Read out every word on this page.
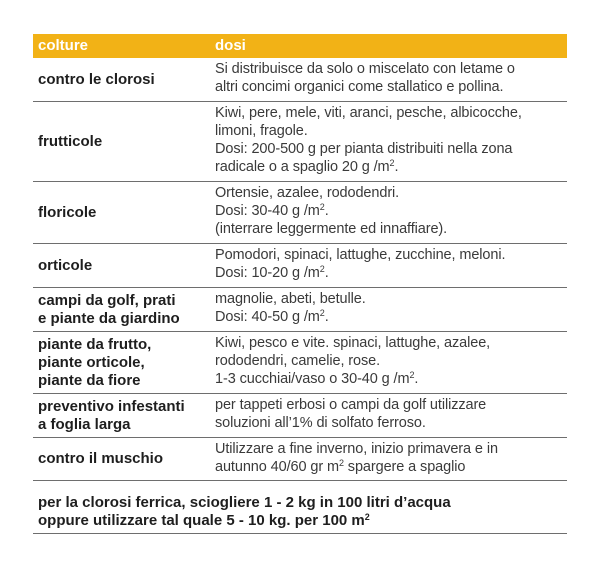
colture	dosi
contro le clorosi
Si distribuisce da solo o miscelato con letame o
altri concimi organici come stallatico e pollina.
frutticole
Kiwi, pere, mele, viti, aranci, pesche, albicocche,
limoni, fragole.
Dosi: 200-500 g per pianta distribuiti nella zona
radicale o a spaglio 20 g $/m^2$.
floricole
Ortensie, azalee, rododendri.
Dosi: 30-40 g $/m^2$.
(interrare leggermente ed innaffiare).
orticole
Pomodori, spinaci, lattughe, zucchine, meloni.
Dosi: 10-20 g $/m^2$.
campi da golf, prati
e piante da giardino
magnolie, abeti, betulle.
Dosi: 40-50 g $/m^2$.
piante da frutto,
piante orticole,
piante da fiore
Kiwi, pesco e vite. spinaci, lattughe, azalee,
rododendri, camelie, rose.
1-3 cucchiai/vaso o 30-40 g $/m^2$.
preventivo infestanti
a foglia larga
per tappeti erbosi o campi da golf utilizzare
soluzioni all’1% di solfato ferroso.
contro il muschio
Utilizzare a fine inverno, inizio primavera e in
autunno 40/60 gr $m^2$ spargere a spaglio
per la clorosi ferrica, sciogliere 1 - 2 kg in 100 litri d’acqua
oppure utilizzare tal quale 5 - 10 kg. per 100 $m^2$
